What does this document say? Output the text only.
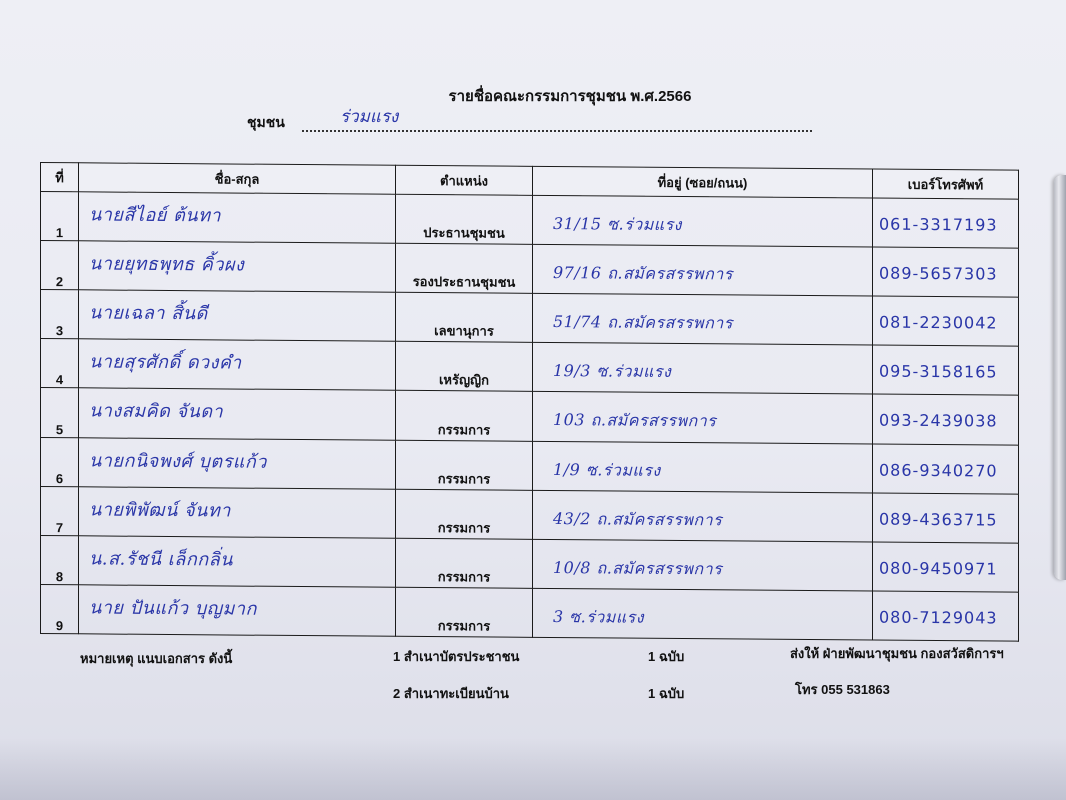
รายชื่อคณะกรรมการชุมชน พ.ศ.2566
ชุมชน	ร่วมแรง
ที่	ชื่อ-สกุล	ตำแหน่ง	ที่อยู่ (ซอย/ถนน)	เบอร์โทรศัพท์
1	นายสีไอย์ ต้นทา	ประธานชุมชน	31/15 ซ.ร่วมแรง	061-3317193

2	นายยุทธพุทธ คิ้วผง	รองประธานชุมชน	97/16 ถ.สมัครสรรพการ	089-5657303

3	นายเฉลา สิ้นดี	เลขานุการ	51/74 ถ.สมัครสรรพการ	081-2230042

4	นายสุรศักดิ์ ดวงคำ	เหรัญญิก	19/3 ซ.ร่วมแรง	095-3158165

5	นางสมคิด จันดา	กรรมการ	103 ถ.สมัครสรรพการ	093-2439038

6	นายกนิจพงศ์ บุตรแก้ว	กรรมการ	1/9 ซ.ร่วมแรง	086-9340270

7	นายพิพัฒน์ จันทา	กรรมการ	43/2 ถ.สมัครสรรพการ	089-4363715

8	น.ส.รัชนี เล็กกลิ่น	กรรมการ	10/8 ถ.สมัครสรรพการ	080-9450971

9	นาย ปันแก้ว บุญมาก	กรรมการ	3 ซ.ร่วมแรง	080-7129043
หมายเหตุ แนบเอกสาร ดังนี้	1 สำเนาบัตรประชาชน	1 ฉบับ	ส่งให้ ฝ่ายพัฒนาชุมชน กองสวัสดิการฯ
2 สำเนาทะเบียนบ้าน	1 ฉบับ	โทร 055 531863
